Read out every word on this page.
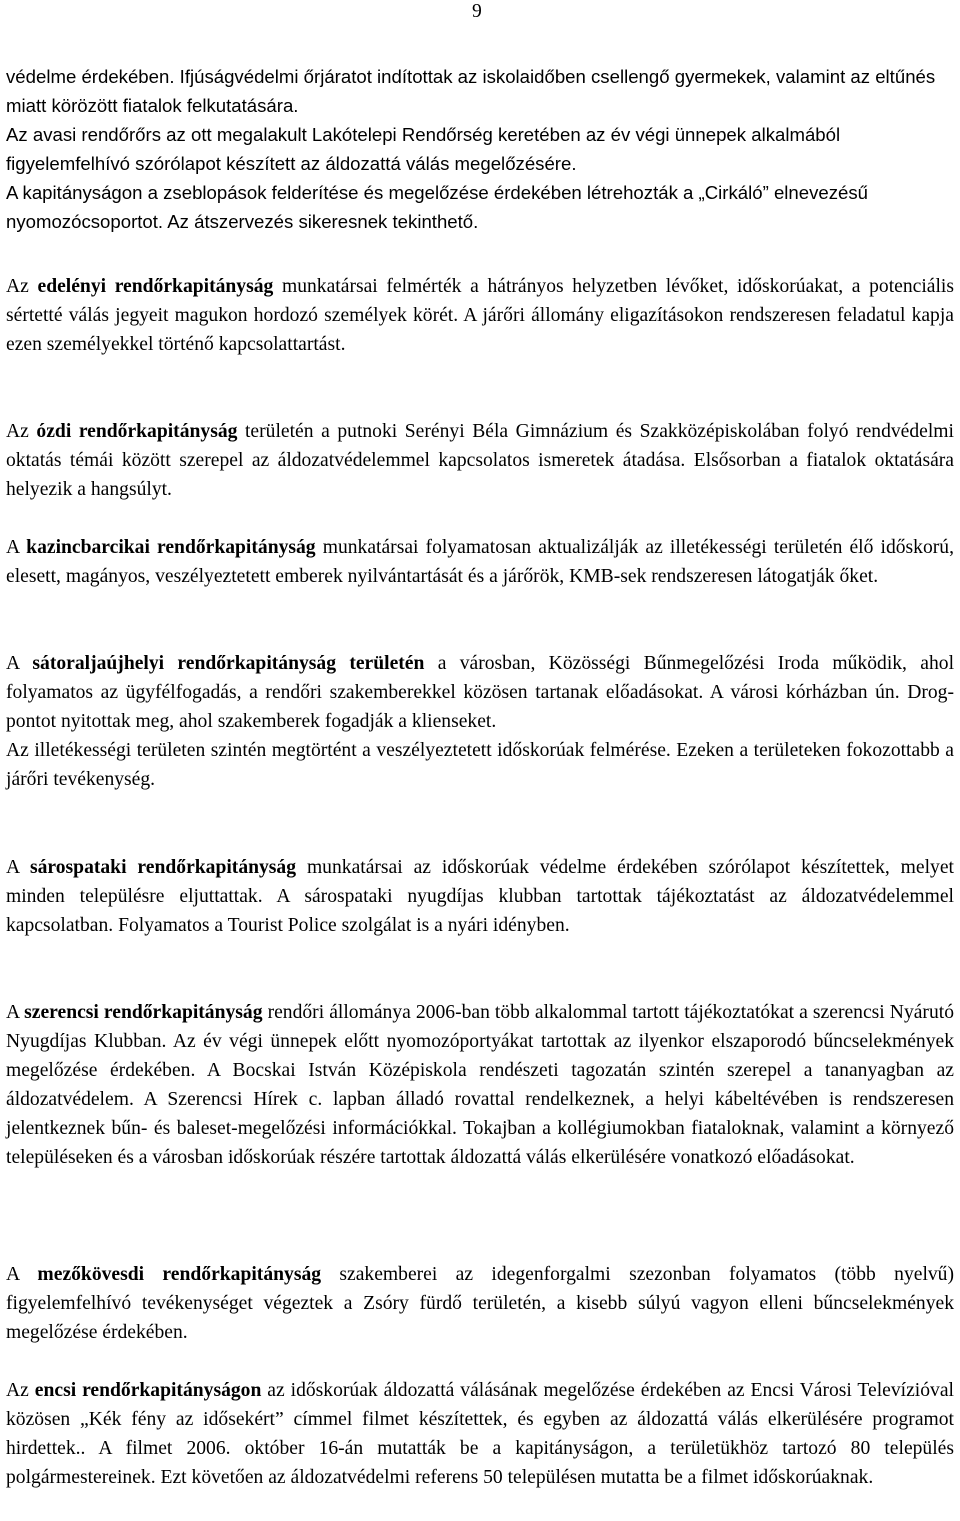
9

védelme érdekében. Ifjúságvédelmi őrjáratot indítottak az iskolaidőben csellengő gyermekek, valamint az eltűnés miatt körözött fiatalok felkutatására.

Az avasi rendőrőrs az ott megalakult Lakótelepi Rendőrség keretében az év végi ünnepek alkalmából figyelemfelhívó szórólapot készített az áldozattá válás megelőzésére.

A kapitányságon a zseblopások felderítése és megelőzése érdekében létrehozták a „Cirkáló” elnevezésű nyomozócsoportot. Az átszervezés sikeresnek tekinthető.

Az edelényi rendőrkapitányság munkatársai felmérték a hátrányos helyzetben lévőket, időskorúakat, a potenciális sértetté válás jegyeit magukon hordozó személyek körét. A járőri állomány eligazításokon rendszeresen feladatul kapja ezen személyekkel történő kapcsolattartást.
Az ózdi rendőrkapitányság területén a putnoki Serényi Béla Gimnázium és Szakközépiskolában folyó rendvédelmi oktatás témái között szerepel az áldozatvédelemmel kapcsolatos ismeretek átadása. Elsősorban a fiatalok oktatására helyezik a hangsúlyt.
A kazincbarcikai rendőrkapitányság munkatársai folyamatosan aktualizálják az illetékességi területén élő időskorú, elesett, magányos, veszélyeztetett emberek nyilvántartását és a járőrök, KMB-sek rendszeresen látogatják őket.

A sátoraljaújhelyi rendőrkapitányság területén a városban, Közösségi Bűnmegelőzési Iroda működik, ahol folyamatos az ügyfélfogadás, a rendőri szakemberekkel közösen tartanak előadásokat. A városi kórházban ún. Drog-pontot nyitottak meg, ahol szakemberek fogadják a klienseket.

Az illetékességi területen szintén megtörtént a veszélyeztetett időskorúak felmérése. Ezeken a területeken fokozottabb a járőri tevékenység.

A sárospataki rendőrkapitányság munkatársai az időskorúak védelme érdekében szórólapot készítettek, melyet minden településre eljuttattak. A sárospataki nyugdíjas klubban tartottak tájékoztatást az áldozatvédelemmel kapcsolatban. Folyamatos a Tourist Police szolgálat is a nyári idényben.
A szerencsi rendőrkapitányság rendőri állománya 2006-ban több alkalommal tartott tájékoztatókat a szerencsi Nyárutó Nyugdíjas Klubban. Az év végi ünnepek előtt nyomozóportyákat tartottak az ilyenkor elszaporodó bűncselekmények megelőzése érdekében. A Bocskai István Középiskola rendészeti tagozatán szintén szerepel a tananyagban az áldozatvédelem. A Szerencsi Hírek c. lapban álladó rovattal rendelkeznek, a helyi kábeltévében is rendszeresen jelentkeznek bűn- és baleset-megelőzési információkkal. Tokajban a kollégiumokban fiataloknak, valamint a környező településeken és a városban időskorúak részére tartottak áldozattá válás elkerülésére vonatkozó előadásokat.
A mezőkövesdi rendőrkapitányság szakemberei az idegenforgalmi szezonban folyamatos (több nyelvű) figyelemfelhívó tevékenységet végeztek a Zsóry fürdő területén, a kisebb súlyú vagyon elleni bűncselekmények megelőzése érdekében.
Az encsi rendőrkapitányságon az időskorúak áldozattá válásának megelőzése érdekében az Encsi Városi Televízióval közösen „Kék fény az idősekért” címmel filmet készítettek, és egyben az áldozattá válás elkerülésére programot hirdettek.. A filmet 2006. október 16-án mutatták be a kapitányságon, a területükhöz tartozó 80 település polgármestereinek. Ezt követően az áldozatvédelmi referens 50 településen mutatta be a filmet időskorúaknak.
